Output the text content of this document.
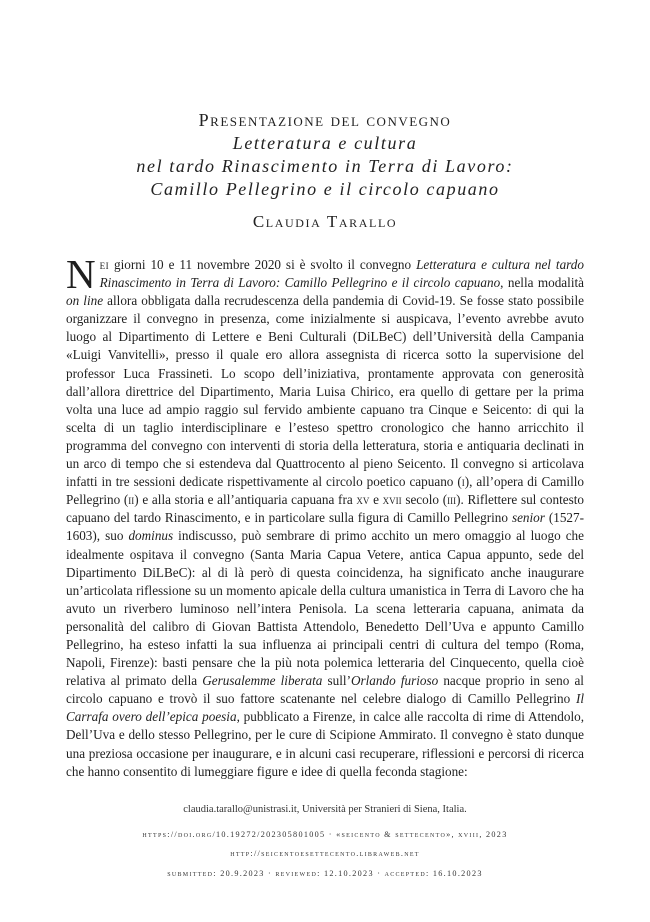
Presentazione del convegno
Letteratura e cultura
nel tardo Rinascimento in Terra di Lavoro:
Camillo Pellegrino e il circolo capuano
Claudia Tarallo
Nei giorni 10 e 11 novembre 2020 si è svolto il convegno Letteratura e cultura nel tardo Rinascimento in Terra di Lavoro: Camillo Pellegrino e il circolo capuano, nella modalità on line allora obbligata dalla recrudescenza della pandemia di Covid-19. Se fosse stato possibile organizzare il convegno in presenza, come inizialmente si auspicava, l’evento avrebbe avuto luogo al Dipartimento di Lettere e Beni Culturali (DiLBeC) dell’Università della Campania «Luigi Vanvitelli», presso il quale ero allora assegnista di ricerca sotto la supervisione del professor Luca Frassineti. Lo scopo dell’iniziativa, prontamente approvata con generosità dall’allora direttrice del Dipartimento, Maria Luisa Chirico, era quello di gettare per la prima volta una luce ad ampio raggio sul fervido ambiente capuano tra Cinque e Seicento: di qui la scelta di un taglio interdisciplinare e l’esteso spettro cronologico che hanno arricchito il programma del convegno con interventi di storia della letteratura, storia e antiquaria declinati in un arco di tempo che si estendeva dal Quattrocento al pieno Seicento. Il convegno si articolava infatti in tre sessioni dedicate rispettivamente al circolo poetico capuano (i), all’opera di Camillo Pellegrino (ii) e alla storia e all’antiquaria capuana fra xv e xvii secolo (iii). Riflettere sul contesto capuano del tardo Rinascimento, e in particolare sulla figura di Camillo Pellegrino senior (1527-1603), suo dominus indiscusso, può sembrare di primo acchito un mero omaggio al luogo che idealmente ospitava il convegno (Santa Maria Capua Vetere, antica Capua appunto, sede del Dipartimento DiLBeC): al di là però di questa coincidenza, ha significato anche inaugurare un’articolata riflessione su un momento apicale della cultura umanistica in Terra di Lavoro che ha avuto un riverbero luminoso nell’intera Penisola. La scena letteraria capuana, animata da personalità del calibro di Giovan Battista Attendolo, Benedetto Dell’Uva e appunto Camillo Pellegrino, ha esteso infatti la sua influenza ai principali centri di cultura del tempo (Roma, Napoli, Firenze): basti pensare che la più nota polemica letteraria del Cinquecento, quella cioè relativa al primato della Gerusalemme liberata sull’Orlando furioso nacque proprio in seno al circolo capuano e trovò il suo fattore scatenante nel celebre dialogo di Camillo Pellegrino Il Carrafa overo dell’epica poesia, pubblicato a Firenze, in calce alle raccolta di rime di Attendolo, Dell’Uva e dello stesso Pellegrino, per le cure di Scipione Ammirato. Il convegno è stato dunque una preziosa occasione per inaugurare, e in alcuni casi recuperare, riflessioni e percorsi di ricerca che hanno consentito di lumeggiare figure e idee di quella feconda stagione:
claudia.tarallo@unistrasi.it, Università per Stranieri di Siena, Italia.
https://doi.org/10.19272/202305801005 · «seicento & settecento», xviii, 2023
http://seicentoesettecento.libraweb.net
submitted: 20.9.2023 · reviewed: 12.10.2023 · accepted: 16.10.2023
